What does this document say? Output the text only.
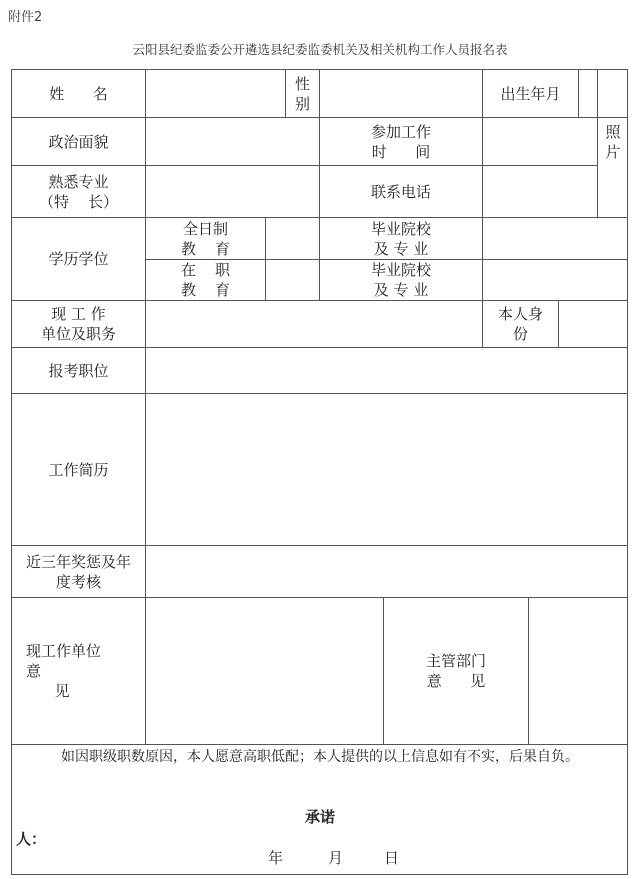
附件2
云阳县纪委监委公开遴选县纪委监委机关及相关机构工作人员报名表
姓      名
性
别
出生年月
照
片
政治面貌
参加工作
时      间
熟悉专业
（特    长）
联系电话
学历学位
全日制
教    育
毕业院校
及 专 业
在    职
教    育
毕业院校
及 专 业
现 工 作
单位及职务
本人身
份
报考职位
工作简历
近三年奖惩及年
度考核
现工作单位
意
见
主管部门
意      见
如因职级职数原因，本人愿意高职低配；本人提供的以上信息如有不实，后果自负。
承诺
人：
年	月	日
